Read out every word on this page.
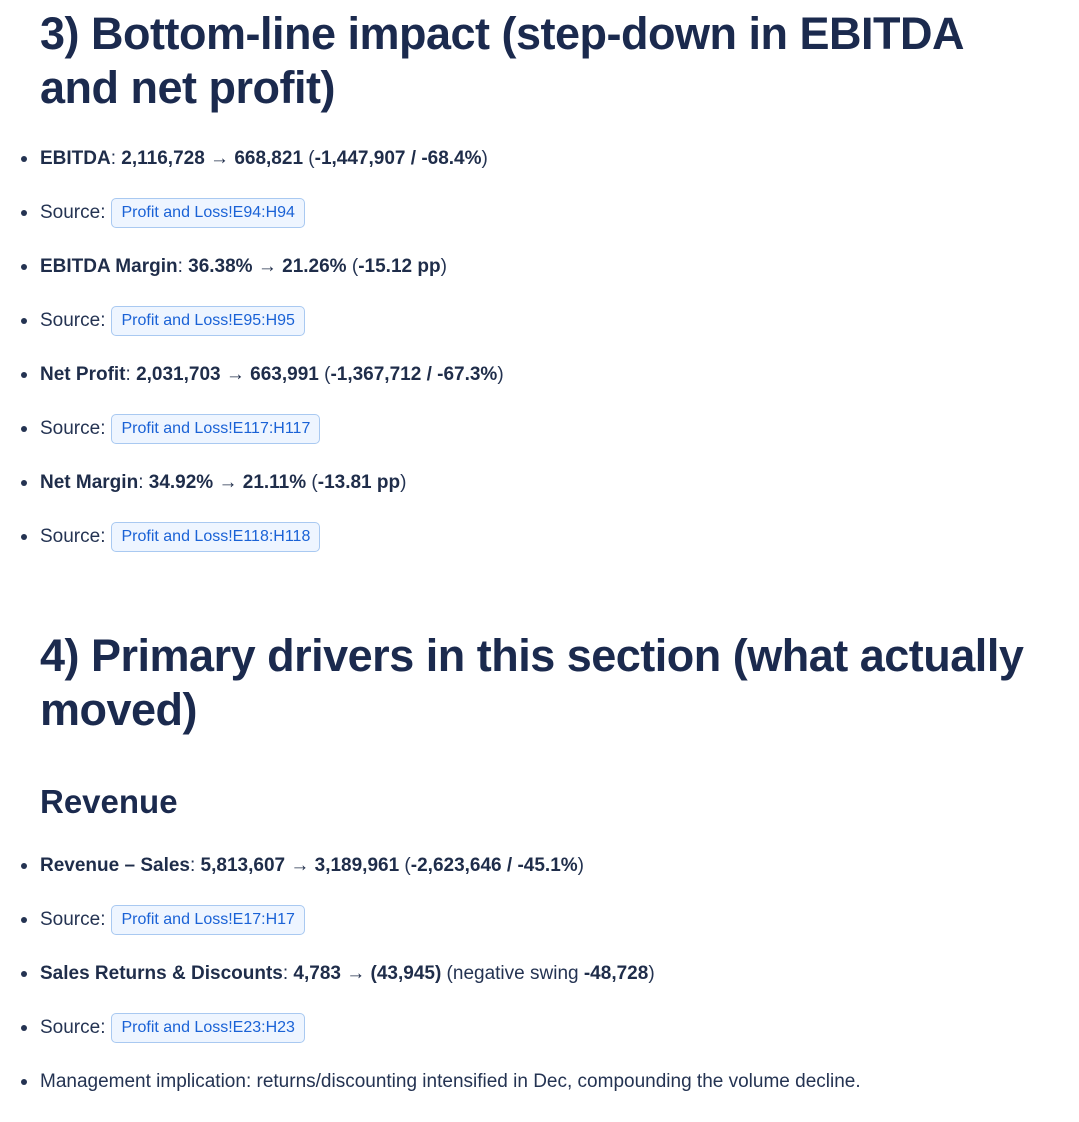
3) Bottom-line impact (step-down in EBITDA and net profit)
EBITDA: 2,116,728 → 668,821 (-1,447,907 / -68.4%)
Source:	Profit and Loss!E94:H94
EBITDA Margin: 36.38% → 21.26% (-15.12 pp)
Source:	Profit and Loss!E95:H95
Net Profit: 2,031,703 → 663,991 (-1,367,712 / -67.3%)
Source:	Profit and Loss!E117:H117
Net Margin: 34.92% → 21.11% (-13.81 pp)
Source:	Profit and Loss!E118:H118
4) Primary drivers in this section (what actually moved)
Revenue
Revenue – Sales: 5,813,607 → 3,189,961 (-2,623,646 / -45.1%)
Source:	Profit and Loss!E17:H17
Sales Returns & Discounts: 4,783 → (43,945) (negative swing -48,728)
Source:	Profit and Loss!E23:H23
Management implication: returns/discounting intensified in Dec, compounding the volume decline.
